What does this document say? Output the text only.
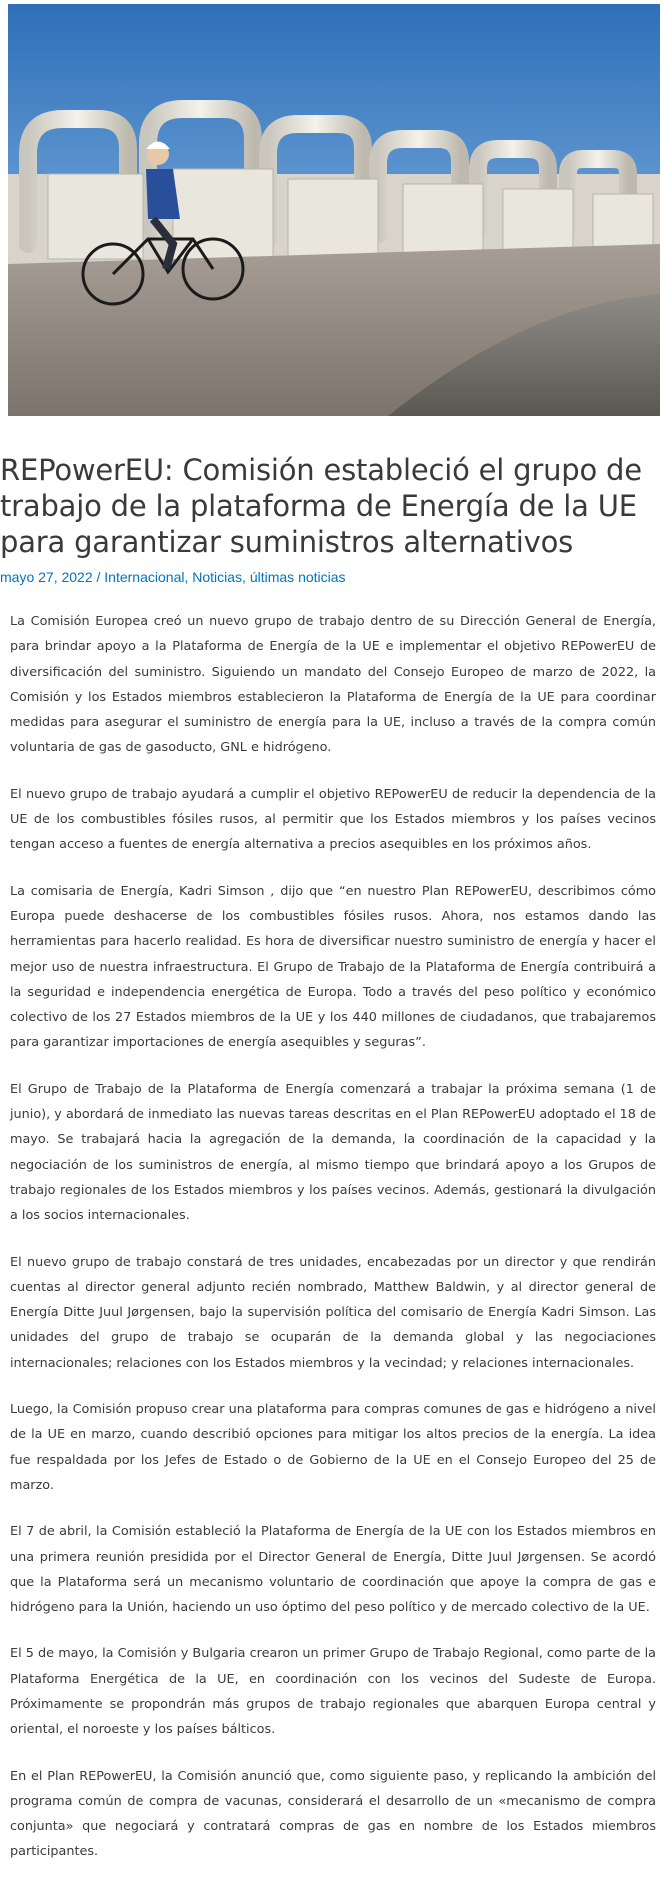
REPowerEU: Comisión estableció el grupo de trabajo de la plataforma de Energía de la UE para garantizar suministros alternativos
mayo 27, 2022 / Internacional, Noticias, últimas noticias

La Comisión Europea creó un nuevo grupo de trabajo dentro de su Dirección General de Energía, para brindar apoyo a la Plataforma de Energía de la UE e implementar el objetivo REPowerEU de diversificación del suministro. Siguiendo un mandato del Consejo Europeo de marzo de 2022, la Comisión y los Estados miembros establecieron la Plataforma de Energía de la UE para coordinar medidas para asegurar el suministro de energía para la UE, incluso a través de la compra común voluntaria de gas de gasoducto, GNL e hidrógeno.

El nuevo grupo de trabajo ayudará a cumplir el objetivo REPowerEU de reducir la dependencia de la UE de los combustibles fósiles rusos, al permitir que los Estados miembros y los países vecinos tengan acceso a fuentes de energía alternativa a precios asequibles en los próximos años.

La comisaria de Energía, Kadri Simson , dijo que “en nuestro Plan REPowerEU, describimos cómo Europa puede deshacerse de los combustibles fósiles rusos. Ahora, nos estamos dando las herramientas para hacerlo realidad. Es hora de diversificar nuestro suministro de energía y hacer el mejor uso de nuestra infraestructura. El Grupo de Trabajo de la Plataforma de Energía contribuirá a la seguridad e independencia energética de Europa. Todo a través del peso político y económico colectivo de los 27 Estados miembros de la UE y los 440 millones de ciudadanos, que trabajaremos para garantizar importaciones de energía asequibles y seguras”.

El Grupo de Trabajo de la Plataforma de Energía comenzará a trabajar la próxima semana (1 de junio), y abordará de inmediato las nuevas tareas descritas en el Plan REPowerEU adoptado el 18 de mayo. Se trabajará hacia la agregación de la demanda, la coordinación de la capacidad y la negociación de los suministros de energía, al mismo tiempo que brindará apoyo a los Grupos de trabajo regionales de los Estados miembros y los países vecinos. Además, gestionará la divulgación a los socios internacionales.

El nuevo grupo de trabajo constará de tres unidades, encabezadas por un director y que rendirán cuentas al director general adjunto recién nombrado, Matthew Baldwin, y al director general de Energía Ditte Juul Jørgensen, bajo la supervisión política del comisario de Energía Kadri Simson. Las unidades del grupo de trabajo se ocuparán de la demanda global y las negociaciones internacionales; relaciones con los Estados miembros y la vecindad; y relaciones internacionales.

Luego, la Comisión propuso crear una plataforma para compras comunes de gas e hidrógeno a nivel de la UE en marzo, cuando describió opciones para mitigar los altos precios de la energía. La idea fue respaldada por los Jefes de Estado o de Gobierno de la UE en el Consejo Europeo del 25 de marzo.

El 7 de abril, la Comisión estableció la Plataforma de Energía de la UE con los Estados miembros en una primera reunión presidida por el Director General de Energía, Ditte Juul Jørgensen. Se acordó que la Plataforma será un mecanismo voluntario de coordinación que apoye la compra de gas e hidrógeno para la Unión, haciendo un uso óptimo del peso político y de mercado colectivo de la UE.

El 5 de mayo, la Comisión y Bulgaria crearon un primer Grupo de Trabajo Regional, como parte de la Plataforma Energética de la UE, en coordinación con los vecinos del Sudeste de Europa. Próximamente se propondrán más grupos de trabajo regionales que abarquen Europa central y oriental, el noroeste y los países bálticos.

En el Plan REPowerEU, la Comisión anunció que, como siguiente paso, y replicando la ambición del programa común de compra de vacunas, considerará el desarrollo de un «mecanismo de compra conjunta» que negociará y contratará compras de gas en nombre de los Estados miembros participantes.
